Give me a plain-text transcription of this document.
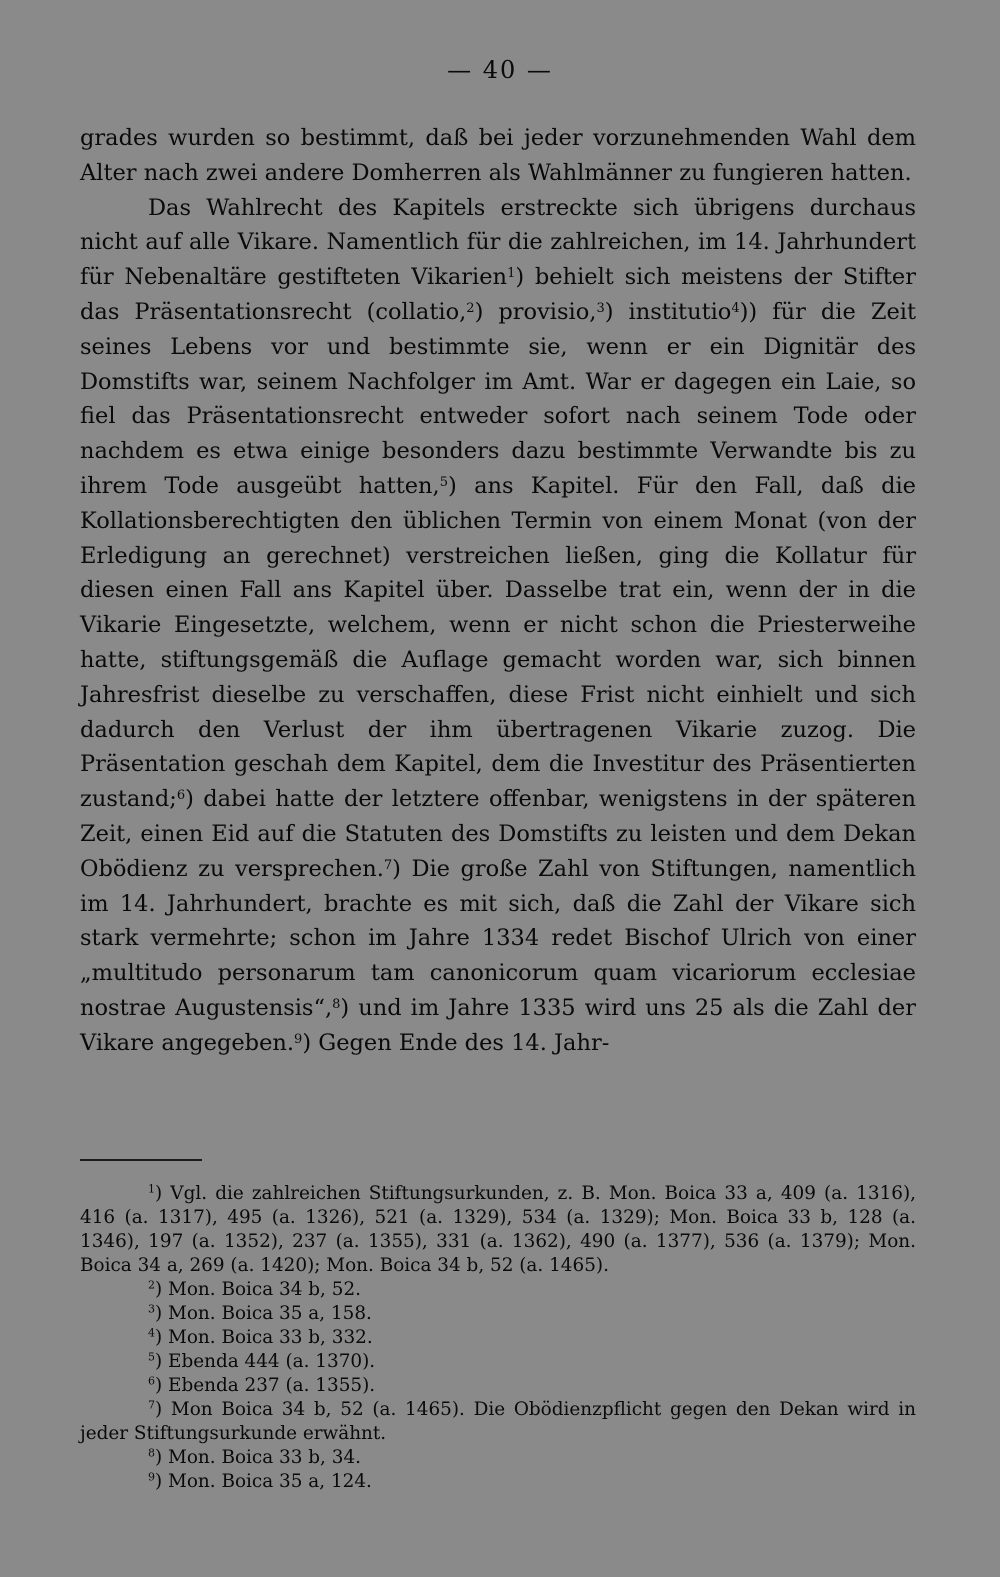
— 40 —

grades wurden so bestimmt, daß bei jeder vorzunehmenden Wahl dem Alter nach zwei andere Domherren als Wahlmänner zu fungieren hatten.

Das Wahlrecht des Kapitels erstreckte sich übrigens durchaus nicht auf alle Vikare. Namentlich für die zahlreichen, im 14. Jahrhundert für Nebenaltäre gestifteten Vikarien$^1$) behielt sich meistens der Stifter das Präsentationsrecht (collatio,$^2$) provisio,$^3$) institutio$^4$)) für die Zeit seines Lebens vor und bestimmte sie, wenn er ein Dignitär des Domstifts war, seinem Nachfolger im Amt. War er dagegen ein Laie, so fiel das Präsentationsrecht entweder sofort nach seinem Tode oder nachdem es etwa einige besonders dazu bestimmte Verwandte bis zu ihrem Tode ausgeübt hatten,$^5$) ans Kapitel. Für den Fall, daß die Kollationsberechtigten den üblichen Termin von einem Monat (von der Erledigung an gerechnet) verstreichen ließen, ging die Kollatur für diesen einen Fall ans Kapitel über. Dasselbe trat ein, wenn der in die Vikarie Eingesetzte, welchem, wenn er nicht schon die Priesterweihe hatte, stiftungsgemäß die Auflage gemacht worden war, sich binnen Jahresfrist dieselbe zu verschaffen, diese Frist nicht einhielt und sich dadurch den Verlust der ihm übertragenen Vikarie zuzog. Die Präsentation geschah dem Kapitel, dem die Investitur des Präsentierten zustand;$^6$) dabei hatte der letztere offenbar, wenigstens in der späteren Zeit, einen Eid auf die Statuten des Domstifts zu leisten und dem Dekan Obödienz zu versprechen.$^7$) Die große Zahl von Stiftungen, namentlich im 14. Jahrhundert, brachte es mit sich, daß die Zahl der Vikare sich stark vermehrte; schon im Jahre 1334 redet Bischof Ulrich von einer „multitudo personarum tam canonicorum quam vicariorum ecclesiae nostrae Augustensis“,$^8$) und im Jahre 1335 wird uns 25 als die Zahl der Vikare angegeben.$^9$) Gegen Ende des 14. Jahr-

$^1$) Vgl. die zahlreichen Stiftungsurkunden, z. B. Mon. Boica 33 a, 409 (a. 1316), 416 (a. 1317), 495 (a. 1326), 521 (a. 1329), 534 (a. 1329); Mon. Boica 33 b, 128 (a. 1346), 197 (a. 1352), 237 (a. 1355), 331 (a. 1362), 490 (a. 1377), 536 (a. 1379); Mon. Boica 34 a, 269 (a. 1420); Mon. Boica 34 b, 52 (a. 1465).

$^2$) Mon. Boica 34 b, 52.

$^3$) Mon. Boica 35 a, 158.

$^4$) Mon. Boica 33 b, 332.

$^5$) Ebenda 444 (a. 1370).

$^6$) Ebenda 237 (a. 1355).

$^7$) Mon Boica 34 b, 52 (a. 1465). Die Obödienzpflicht gegen den Dekan wird in jeder Stiftungsurkunde erwähnt.

$^8$) Mon. Boica 33 b, 34.

$^9$) Mon. Boica 35 a, 124.
